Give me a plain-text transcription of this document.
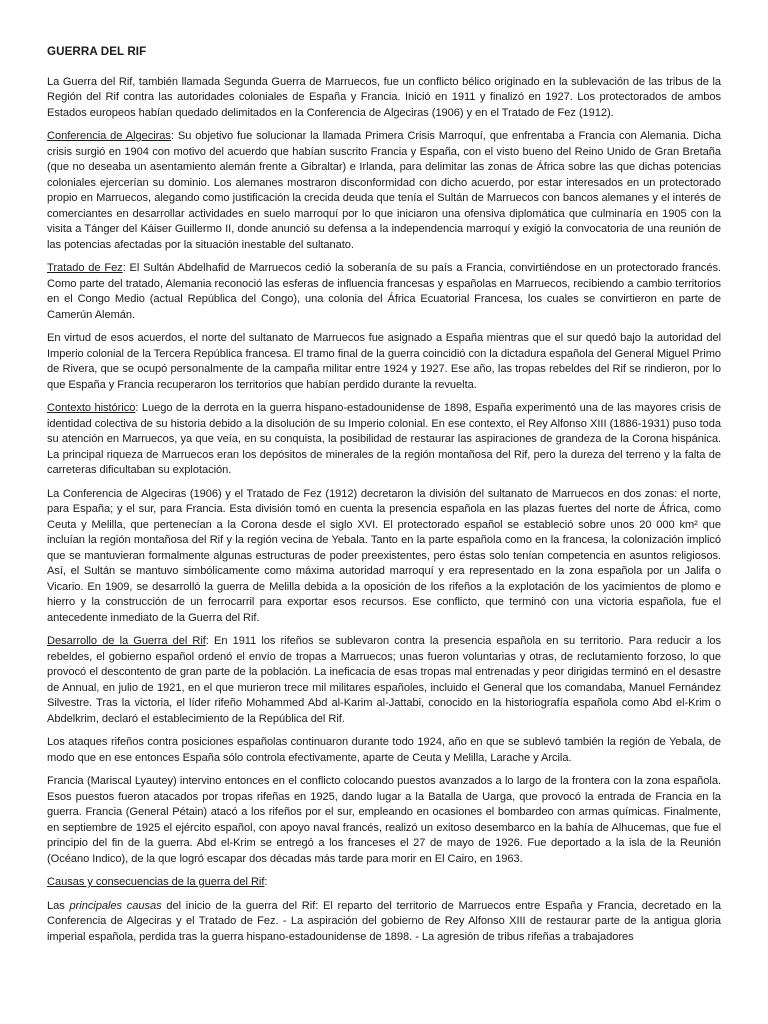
GUERRA DEL RIF

La Guerra del Rif, también llamada Segunda Guerra de Marruecos, fue un conflicto bélico originado en la sublevación de las tribus de la Región del Rif contra las autoridades coloniales de España y Francia. Inició en 1911 y finalizó en 1927. Los protectorados de ambos Estados europeos habían quedado delimitados en la Conferencia de Algeciras (1906) y en el Tratado de Fez (1912).

Conferencia de Algeciras: Su objetivo fue solucionar la llamada Primera Crisis Marroquí, que enfrentaba a Francia con Alemania. Dicha crisis surgió en 1904 con motivo del acuerdo que habían suscrito Francia y España, con el visto bueno del Reino Unido de Gran Bretaña (que no deseaba un asentamiento alemán frente a Gibraltar) e Irlanda, para delimitar las zonas de África sobre las que dichas potencias coloniales ejercerían su dominio. Los alemanes mostraron disconformidad con dicho acuerdo, por estar interesados en un protectorado propio en Marruecos, alegando como justificación la crecida deuda que tenía el Sultán de Marruecos con bancos alemanes y el interés de comerciantes en desarrollar actividades en suelo marroquí por lo que iniciaron una ofensiva diplomática que culminaría en 1905 con la visita a Tánger del Káiser Guillermo II, donde anunció su defensa a la independencia marroquí y exigió la convocatoria de una reunión de las potencias afectadas por la situación inestable del sultanato.

Tratado de Fez: El Sultán Abdelhafid de Marruecos cedió la soberanía de su país a Francia, convirtiéndose en un protectorado francés. Como parte del tratado, Alemania reconoció las esferas de influencia francesas y españolas en Marruecos, recibiendo a cambio territorios en el Congo Medio (actual República del Congo), una colonia del África Ecuatorial Francesa, los cuales se convirtieron en parte de Camerún Alemán.

En virtud de esos acuerdos, el norte del sultanato de Marruecos fue asignado a España mientras que el sur quedó bajo la autoridad del Imperio colonial de la Tercera República francesa. El tramo final de la guerra coincidió con la dictadura española del General Miguel Primo de Rivera, que se ocupó personalmente de la campaña militar entre 1924 y 1927. Ese año, las tropas rebeldes del Rif se rindieron, por lo que España y Francia recuperaron los territorios que habían perdido durante la revuelta.

Contexto histórico: Luego de la derrota en la guerra hispano-estadounidense de 1898, España experimentó una de las mayores crisis de identidad colectiva de su historia debido a la disolución de su Imperio colonial. En ese contexto, el Rey Alfonso XIII (1886-1931) puso toda su atención en Marruecos, ya que veía, en su conquista, la posibilidad de restaurar las aspiraciones de grandeza de la Corona hispánica. La principal riqueza de Marruecos eran los depósitos de minerales de la región montañosa del Rif, pero la dureza del terreno y la falta de carreteras dificultaban su explotación.

La Conferencia de Algeciras (1906) y el Tratado de Fez (1912) decretaron la división del sultanato de Marruecos en dos zonas: el norte, para España; y el sur, para Francia. Esta división tomó en cuenta la presencia española en las plazas fuertes del norte de África, como Ceuta y Melilla, que pertenecían a la Corona desde el siglo XVI. El protectorado español se estableció sobre unos 20 000 km² que incluían la región montañosa del Rif y la región vecina de Yebala. Tanto en la parte española como en la francesa, la colonización implicó que se mantuvieran formalmente algunas estructuras de poder preexistentes, pero éstas solo tenían competencia en asuntos religiosos. Así, el Sultán se mantuvo simbólicamente como máxima autoridad marroquí y era representado en la zona española por un Jalifa o Vicario. En 1909, se desarrolló la guerra de Melilla debida a la oposición de los rifeños a la explotación de los yacimientos de plomo e hierro y la construcción de un ferrocarril para exportar esos recursos. Ese conflicto, que terminó con una victoria española, fue el antecedente inmediato de la Guerra del Rif.

Desarrollo de la Guerra del Rif: En 1911 los rifeños se sublevaron contra la presencia española en su territorio. Para reducir a los rebeldes, el gobierno español ordenó el envío de tropas a Marruecos; unas fueron voluntarias y otras, de reclutamiento forzoso, lo que provocó el descontento de gran parte de la población. La ineficacia de esas tropas mal entrenadas y peor dirigidas terminó en el desastre de Annual, en julio de 1921, en el que murieron trece mil militares españoles, incluido el General que los comandaba, Manuel Fernández Silvestre. Tras la victoria, el líder rifeño Mohammed Abd al-Karim al-Jattabi, conocido en la historiografía española como Abd el-Krim o Abdelkrim, declaró el establecimiento de la República del Rif.

Los ataques rifeños contra posiciones españolas continuaron durante todo 1924, año en que se sublevó también la región de Yebala, de modo que en ese entonces España sólo controla efectivamente, aparte de Ceuta y Melilla, Larache y Arcila.

Francia (Mariscal Lyautey) intervino entonces en el conflicto colocando puestos avanzados a lo largo de la frontera con la zona española. Esos puestos fueron atacados por tropas rifeñas en 1925, dando lugar a la Batalla de Uarga, que provocó la entrada de Francia en la guerra. Francia (General Pétain) atacó a los rifeños por el sur, empleando en ocasiones el bombardeo con armas químicas. Finalmente, en septiembre de 1925 el ejército español, con apoyo naval francés, realizó un exitoso desembarco en la bahía de Alhucemas, que fue el principio del fin de la guerra. Abd el-Krim se entregó a los franceses el 27 de mayo de 1926. Fue deportado a la isla de la Reunión (Océano Indico), de la que logró escapar dos décadas más tarde para morir en El Cairo, en 1963.

Causas y consecuencias de la guerra del Rif:

Las principales causas del inicio de la guerra del Rif: El reparto del territorio de Marruecos entre España y Francia, decretado en la Conferencia de Algeciras y el Tratado de Fez. - La aspiración del gobierno de Rey Alfonso XIII de restaurar parte de la antigua gloria imperial española, perdida tras la guerra hispano-estadounidense de 1898. - La agresión de tribus rifeñas a trabajadores
